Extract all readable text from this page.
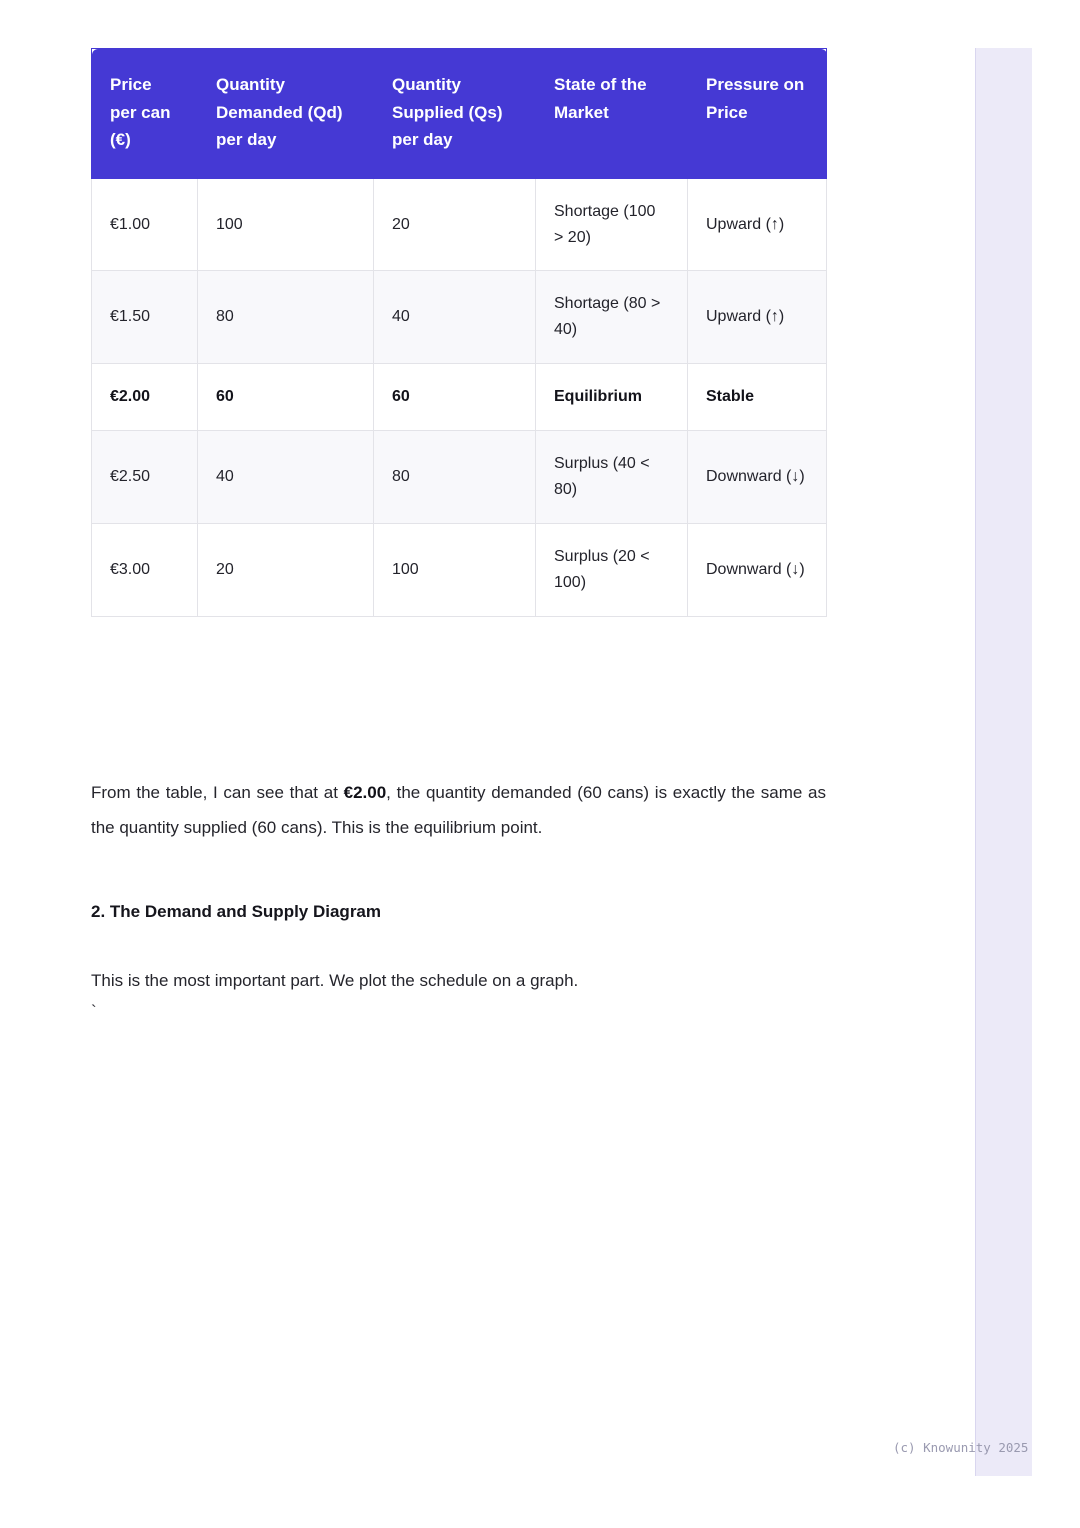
Price per can (€)	Quantity Demanded (Qd) per day	Quantity Supplied (Qs) per day	State of the Market	Pressure on Price
€1.00	100	20	Shortage (100 > 20)	Upward (↑)
€1.50	80	40	Shortage (80 > 40)	Upward (↑)
€2.00	60	60	Equilibrium	Stable
€2.50	40	80	Surplus (40 < 80)	Downward (↓)
€3.00	20	100	Surplus (20 < 100)	Downward (↓)

From the table, I can see that at €2.00, the quantity demanded (60 cans) is exactly the same as the quantity supplied (60 cans). This is the equilibrium point.

2. The Demand and Supply Diagram

This is the most important part. We plot the schedule on a graph.

`
(c) Knowunity 2025
